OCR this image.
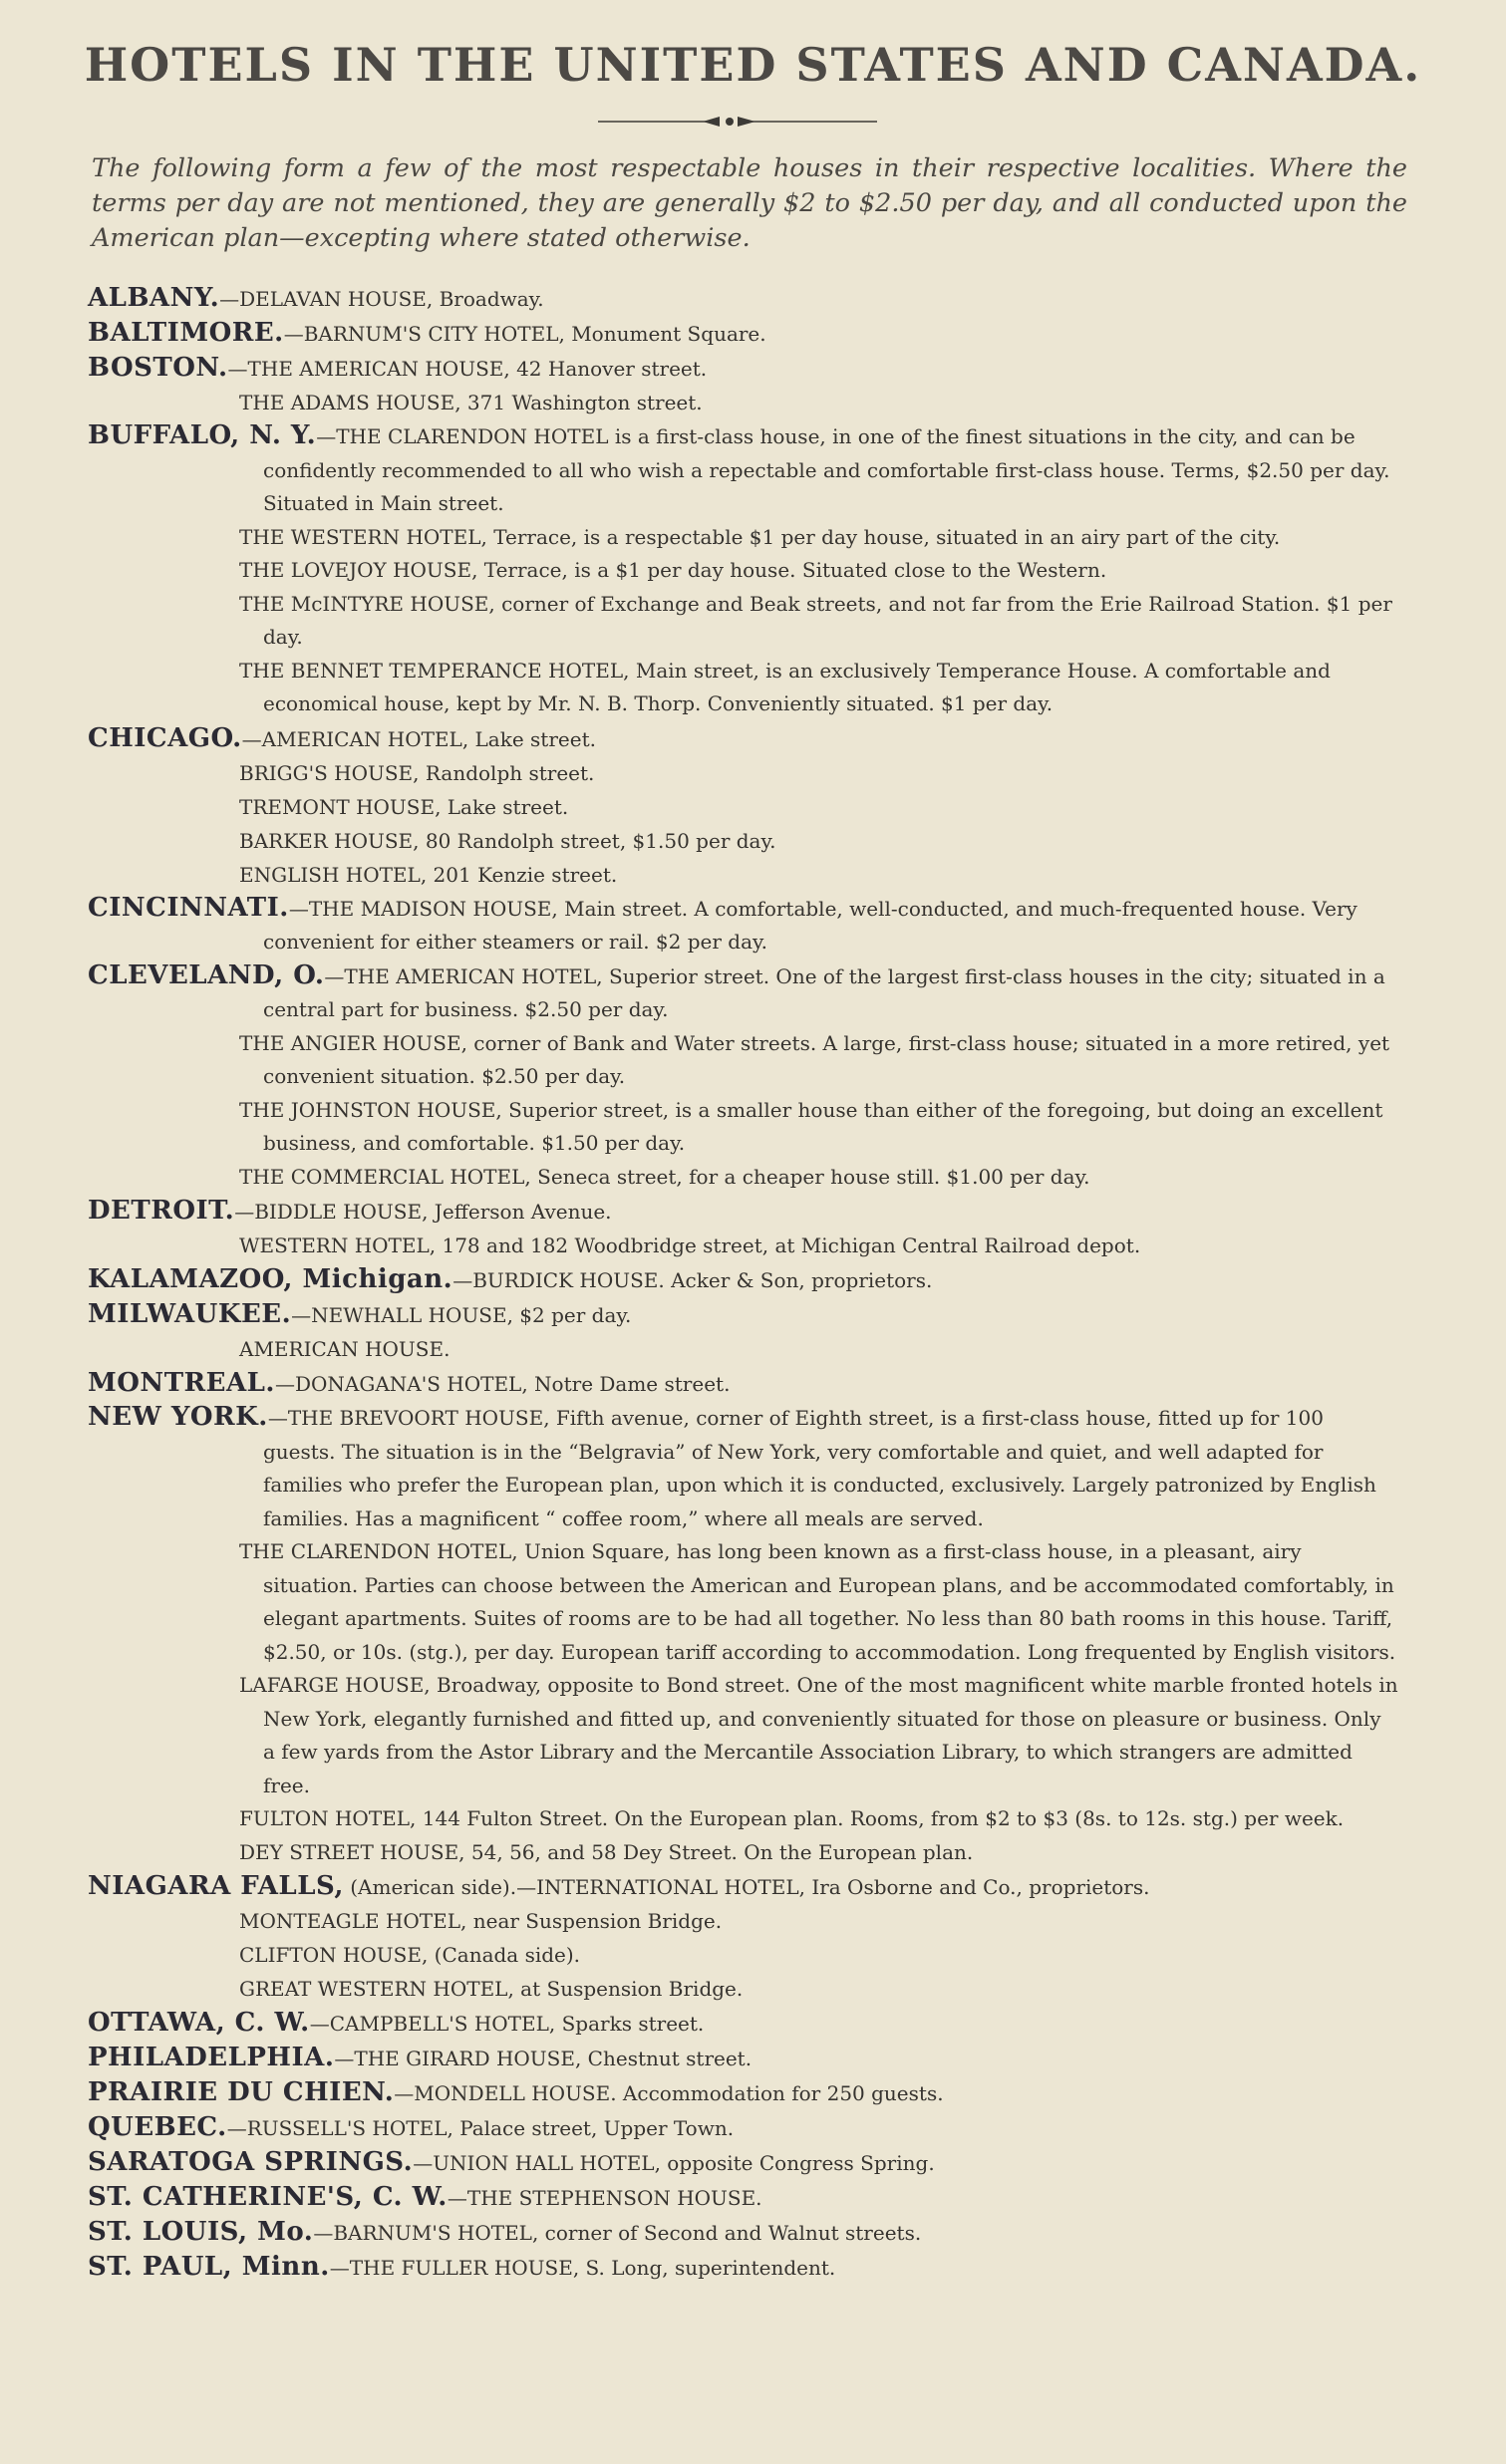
HOTELS IN THE UNITED STATES AND CANADA.
The following form a few of the most respectable houses in their respective localities. Where the terms per day are not mentioned, they are generally $2 to $2.50 per day, and all conducted upon the American plan—excepting where stated otherwise.
ALBANY.—DELAVAN HOUSE, Broadway.
BALTIMORE.—BARNUM'S CITY HOTEL, Monument Square.
BOSTON.—THE AMERICAN HOUSE, 42 Hanover street.
THE ADAMS HOUSE, 371 Washington street.
BUFFALO, N. Y.—THE CLARENDON HOTEL is a first-class house, in one of the finest situations in the city, and can be confidently recommended to all who wish a repectable and comfortable first-class house. Terms, $2.50 per day. Situated in Main street.
THE WESTERN HOTEL, Terrace, is a respectable $1 per day house, situated in an airy part of the city.
THE LOVEJOY HOUSE, Terrace, is a $1 per day house. Situated close to the Western.
THE McINTYRE HOUSE, corner of Exchange and Beak streets, and not far from the Erie Railroad Station. $1 per day.
THE BENNET TEMPERANCE HOTEL, Main street, is an exclusively Temperance House. A comfortable and economical house, kept by Mr. N. B. Thorp. Conveniently situated. $1 per day.
CHICAGO.—AMERICAN HOTEL, Lake street.
BRIGG'S HOUSE, Randolph street.
TREMONT HOUSE, Lake street.
BARKER HOUSE, 80 Randolph street, $1.50 per day.
ENGLISH HOTEL, 201 Kenzie street.
CINCINNATI.—THE MADISON HOUSE, Main street. A comfortable, well-conducted, and much-frequented house. Very convenient for either steamers or rail. $2 per day.
CLEVELAND, O.—THE AMERICAN HOTEL, Superior street. One of the largest first-class houses in the city; situated in a central part for business. $2.50 per day.
THE ANGIER HOUSE, corner of Bank and Water streets. A large, first-class house; situated in a more retired, yet convenient situation. $2.50 per day.
THE JOHNSTON HOUSE, Superior street, is a smaller house than either of the foregoing, but doing an excellent business, and comfortable. $1.50 per day.
THE COMMERCIAL HOTEL, Seneca street, for a cheaper house still. $1.00 per day.
DETROIT.—BIDDLE HOUSE, Jefferson Avenue.
WESTERN HOTEL, 178 and 182 Woodbridge street, at Michigan Central Railroad depot.
KALAMAZOO, Michigan.—BURDICK HOUSE. Acker & Son, proprietors.
MILWAUKEE.—NEWHALL HOUSE, $2 per day.
AMERICAN HOUSE.
MONTREAL.—DONAGANA'S HOTEL, Notre Dame street.
NEW YORK.—THE BREVOORT HOUSE, Fifth avenue, corner of Eighth street, is a first-class house, fitted up for 100 guests. The situation is in the “Belgravia” of New York, very comfortable and quiet, and well adapted for families who prefer the European plan, upon which it is conducted, exclusively. Largely patronized by English families. Has a magnificent “ coffee room,” where all meals are served.
THE CLARENDON HOTEL, Union Square, has long been known as a first-class house, in a pleasant, airy situation. Parties can choose between the American and European plans, and be accommodated comfortably, in elegant apartments. Suites of rooms are to be had all together. No less than 80 bath rooms in this house. Tariff, $2.50, or 10s. (stg.), per day. European tariff according to accommodation. Long frequented by English visitors.
LAFARGE HOUSE, Broadway, opposite to Bond street. One of the most magnificent white marble fronted hotels in New York, elegantly furnished and fitted up, and conveniently situated for those on pleasure or business. Only a few yards from the Astor Library and the Mercantile Association Library, to which strangers are admitted free.
FULTON HOTEL, 144 Fulton Street. On the European plan. Rooms, from $2 to $3 (8s. to 12s. stg.) per week.
DEY STREET HOUSE, 54, 56, and 58 Dey Street. On the European plan.
NIAGARA FALLS, (American side).—INTERNATIONAL HOTEL, Ira Osborne and Co., proprietors.
MONTEAGLE HOTEL, near Suspension Bridge.
CLIFTON HOUSE, (Canada side).
GREAT WESTERN HOTEL, at Suspension Bridge.
OTTAWA, C. W.—CAMPBELL'S HOTEL, Sparks street.
PHILADELPHIA.—THE GIRARD HOUSE, Chestnut street.
PRAIRIE DU CHIEN.—MONDELL HOUSE. Accommodation for 250 guests.
QUEBEC.—RUSSELL'S HOTEL, Palace street, Upper Town.
SARATOGA SPRINGS.—UNION HALL HOTEL, opposite Congress Spring.
ST. CATHERINE'S, C. W.—THE STEPHENSON HOUSE.
ST. LOUIS, Mo.—BARNUM'S HOTEL, corner of Second and Walnut streets.
ST. PAUL, Minn.—THE FULLER HOUSE, S. Long, superintendent.
